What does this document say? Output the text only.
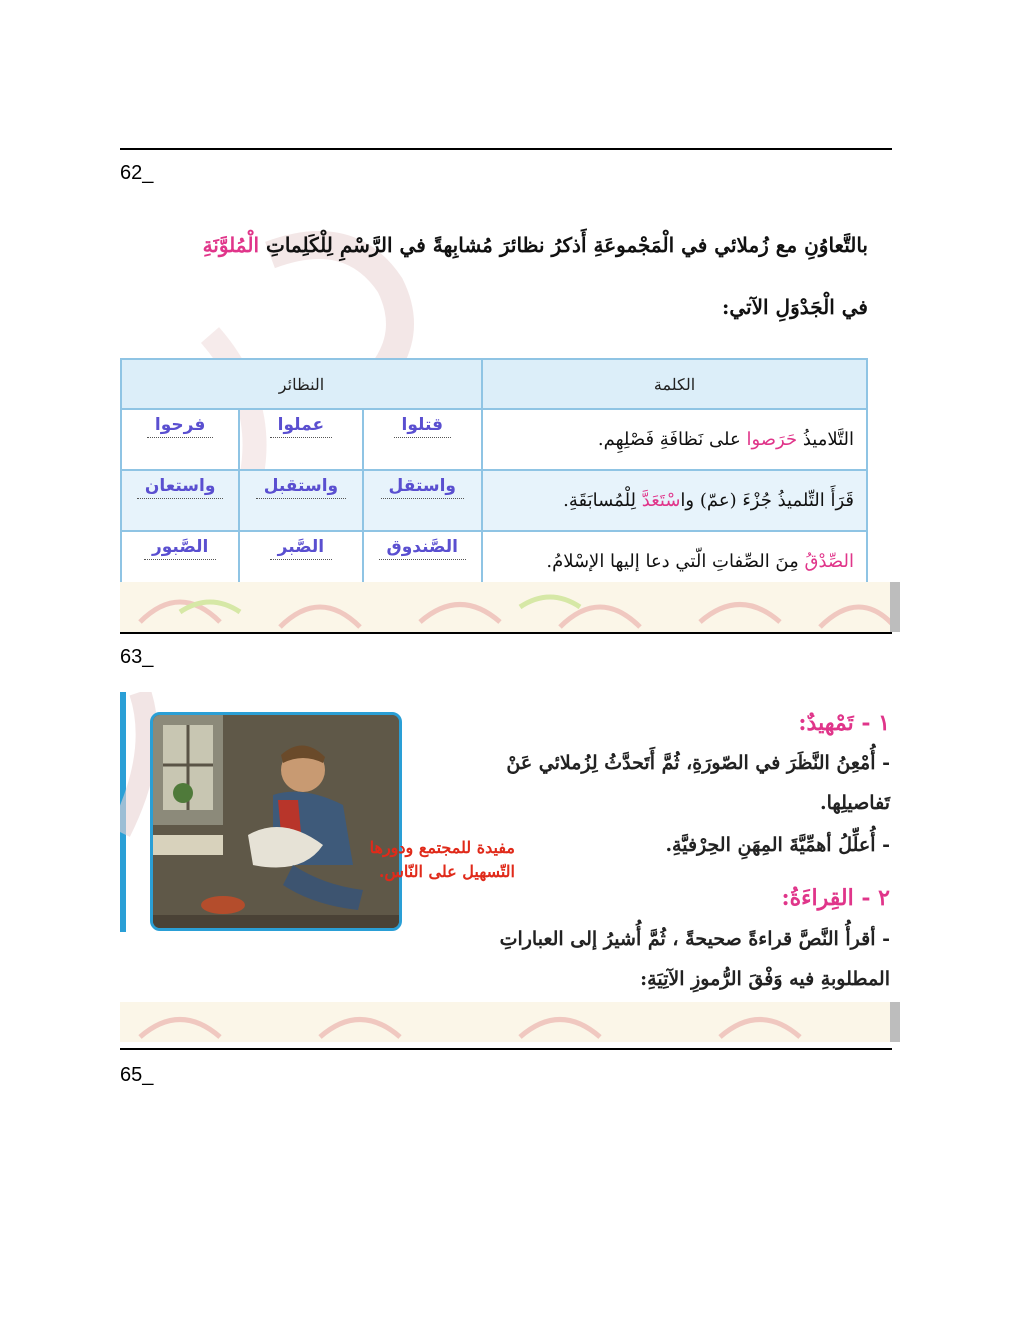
62_
بالتَّعاوُنِ مع زُملائي في الْمَجْموعَةِ أَذكرُ نظائرَ مُشابِهةً في الرَّسْمِ لِلْكَلِماتِ الْمُلوَّنَةِ
في الْجَدْوَلِ الآتي:
الكلمة	النظائر		
التَّلاميذُ حَرَصوا على نَظافَةِ فَصْلِهِم.	قتلوا	عملوا	فرحوا
قَرَأَ التِّلميذُ جُزْءَ (عمّ) واسْتَعَدَّ لِلْمُسابَقَةِ.	واستقل	واستقبل	واستعان
الصِّدْقُ مِنَ الصِّفاتِ الّتي دعا إليها الإسْلامُ.	الصَّندوق	الصَّبر	الصَّبور
63_
١ - تَمْهيدٌ:
- أُمْعِنُ النَّظَرَ في الصّورَةِ، ثُمَّ أَتَحدَّثُ لِزُملائي عَنْ
تَفاصيلِها.
- أُعلِّلُ أهمِّيَّةَ المِهَنِ الحِرْفيَّةِ.
مفيدة للمجتمع ودورها
التّسهيل على النّاس.
٢ - القِراءَةُ:
- أقرأُ النَّصَّ قراءةً صحيحةً ، ثُمَّ أُشيرُ إلى العباراتِ
المطلوبةِ فيه وَفْقَ الرُّموزِ الآتِيَةِ:
65_
